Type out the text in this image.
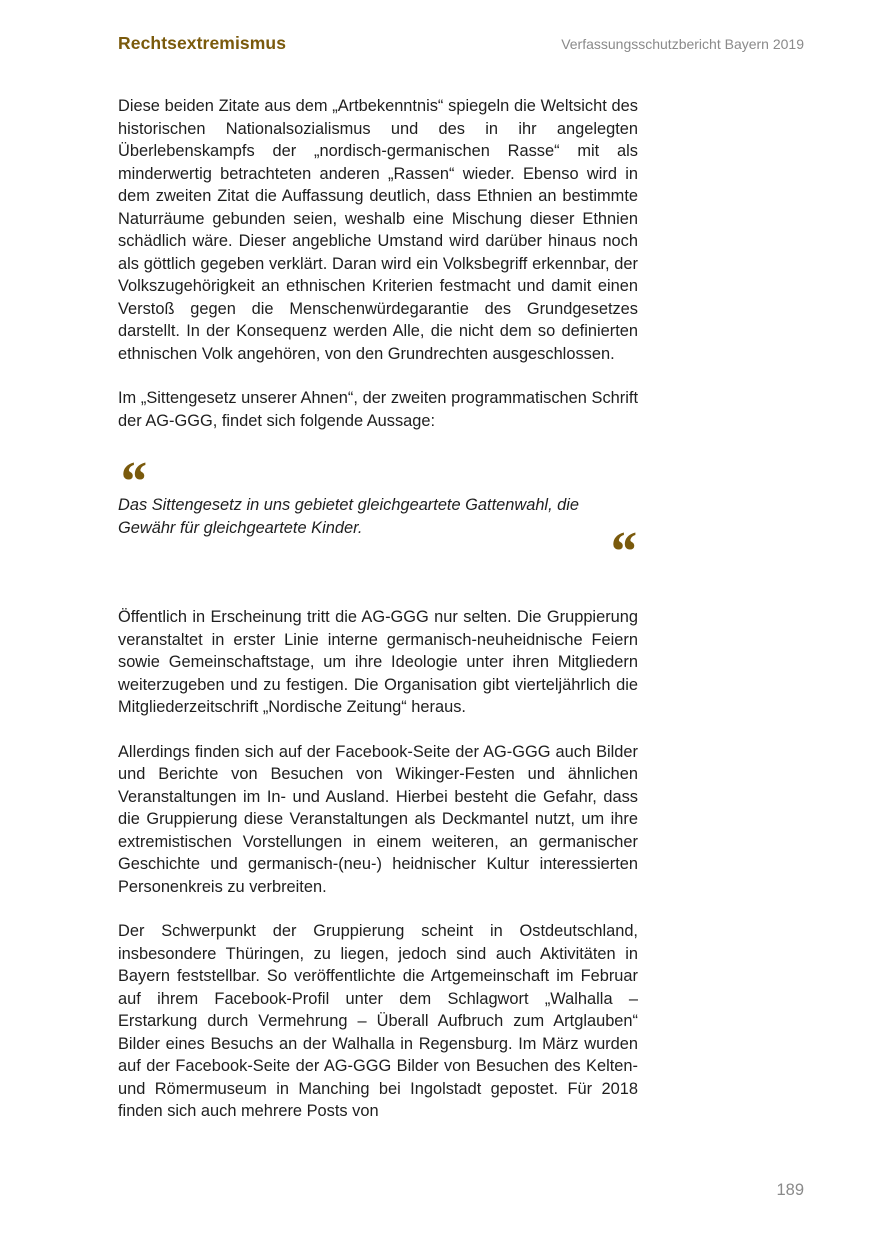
Rechtsextremismus	Verfassungsschutzbericht Bayern 2019

Diese beiden Zitate aus dem „Artbekenntnis“ spiegeln die Weltsicht des historischen Nationalsozialismus und des in ihr angelegten Überlebenskampfs der „nordisch-germanischen Rasse“ mit als minderwertig betrachteten anderen „Rassen“ wieder. Ebenso wird in dem zweiten Zitat die Auffassung deutlich, dass Ethnien an bestimmte Naturräume gebunden seien, weshalb eine Mischung dieser Ethnien schädlich wäre. Dieser angebliche Umstand wird darüber hinaus noch als göttlich gegeben verklärt. Daran wird ein Volksbegriff erkennbar, der Volkszugehörigkeit an ethnischen Kriterien festmacht und damit einen Verstoß gegen die Menschenwürdegarantie des Grundgesetzes darstellt. In der Konsequenz werden Alle, die nicht dem so definierten ethnischen Volk angehören, von den Grundrechten ausgeschlossen.

Im „Sittengesetz unserer Ahnen“, der zweiten programmatischen Schrift der AG-GGG, findet sich folgende Aussage:

“

Das Sittengesetz in uns gebietet gleichgeartete Gattenwahl, die Gewähr für gleichgeartete Kinder.	“

Öffentlich in Erscheinung tritt die AG-GGG nur selten. Die Gruppierung veranstaltet in erster Linie interne germanisch-neuheidnische Feiern sowie Gemeinschaftstage, um ihre Ideologie unter ihren Mitgliedern weiterzugeben und zu festigen. Die Organisation gibt vierteljährlich die Mitgliederzeitschrift „Nordische Zeitung“ heraus.

Allerdings finden sich auf der Facebook-Seite der AG-GGG auch Bilder und Berichte von Besuchen von Wikinger-Festen und ähnlichen Veranstaltungen im In- und Ausland. Hierbei besteht die Gefahr, dass die Gruppierung diese Veranstaltungen als Deckmantel nutzt, um ihre extremistischen Vorstellungen in einem weiteren, an germanischer Geschichte und germanisch-(neu-) heidnischer Kultur interessierten Personenkreis zu verbreiten.

Der Schwerpunkt der Gruppierung scheint in Ostdeutschland, insbesondere Thüringen, zu liegen, jedoch sind auch Aktivitäten in Bayern feststellbar. So veröffentlichte die Artgemeinschaft im Februar auf ihrem Facebook-Profil unter dem Schlagwort „Walhalla – Erstarkung durch Vermehrung – Überall Aufbruch zum Artglauben“ Bilder eines Besuchs an der Walhalla in Regensburg. Im März wurden auf der Facebook-Seite der AG-GGG Bilder von Besuchen des Kelten- und Römermuseum in Manching bei Ingolstadt gepostet. Für 2018 finden sich auch mehrere Posts von

189
